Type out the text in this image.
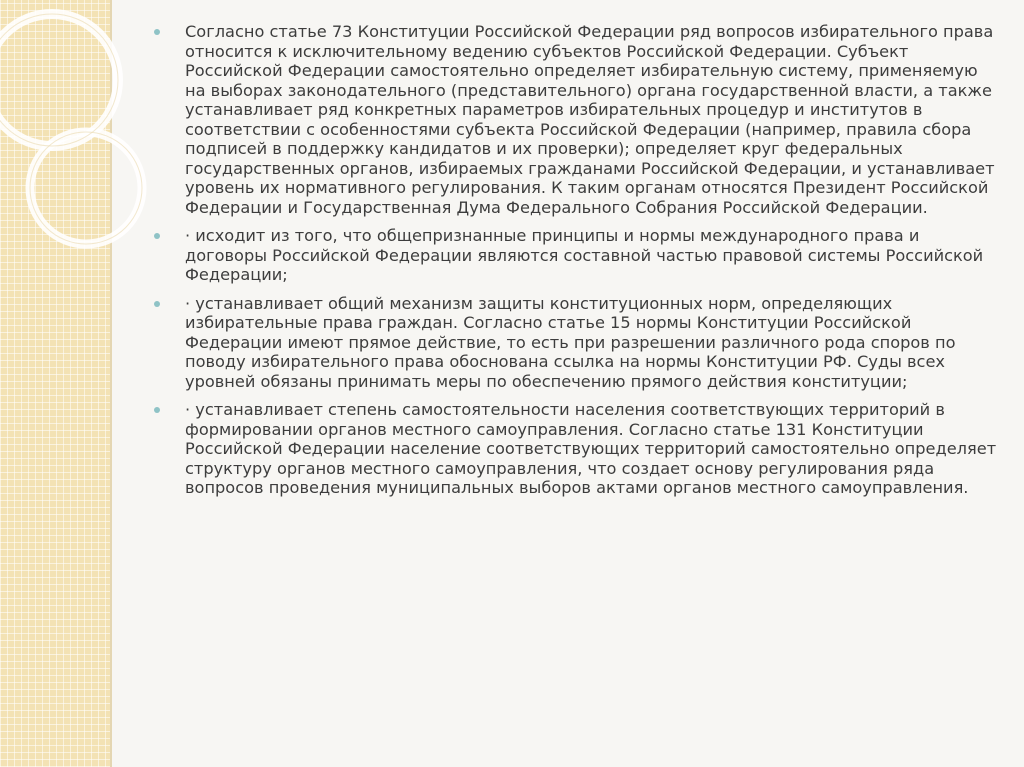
Согласно статье 73 Конституции Российской Федерации ряд вопросов избирательного права относится к исключительному ведению субъектов Российской Федерации. Субъект Российской Федерации самостоятельно определяет избирательную систему, применяемую на выборах законодательного (представительного) органа государственной власти, а также устанавливает ряд конкретных параметров избирательных процедур и институтов в соответствии с особенностями субъекта Российской Федерации (например, правила сбора подписей в поддержку кандидатов и их проверки); определяет круг федеральных государственных органов, избираемых гражданами Российской Федерации, и устанавливает уровень их нормативного регулирования. К таким органам относятся Президент Российской Федерации и Государственная Дума Федерального Собрания Российской Федерации.
· исходит из того, что общепризнанные принципы и нормы международного права и договоры Российской Федерации являются составной частью правовой системы Российской Федерации;
· устанавливает общий механизм защиты конституционных норм, определяющих избирательные права граждан. Согласно статье 15 нормы Конституции Российской Федерации имеют прямое действие, то есть при разрешении различного рода споров по поводу избирательного права обоснована ссылка на нормы Конституции РФ. Суды всех уровней обязаны принимать меры по обеспечению прямого действия конституции;
· устанавливает степень самостоятельности населения соответствующих территорий в формировании органов местного самоуправления. Согласно статье 131 Конституции Российской Федерации население соответствующих территорий самостоятельно определяет структуру органов местного самоуправления, что создает основу регулирования ряда вопросов проведения муниципальных выборов актами органов местного самоуправления.
